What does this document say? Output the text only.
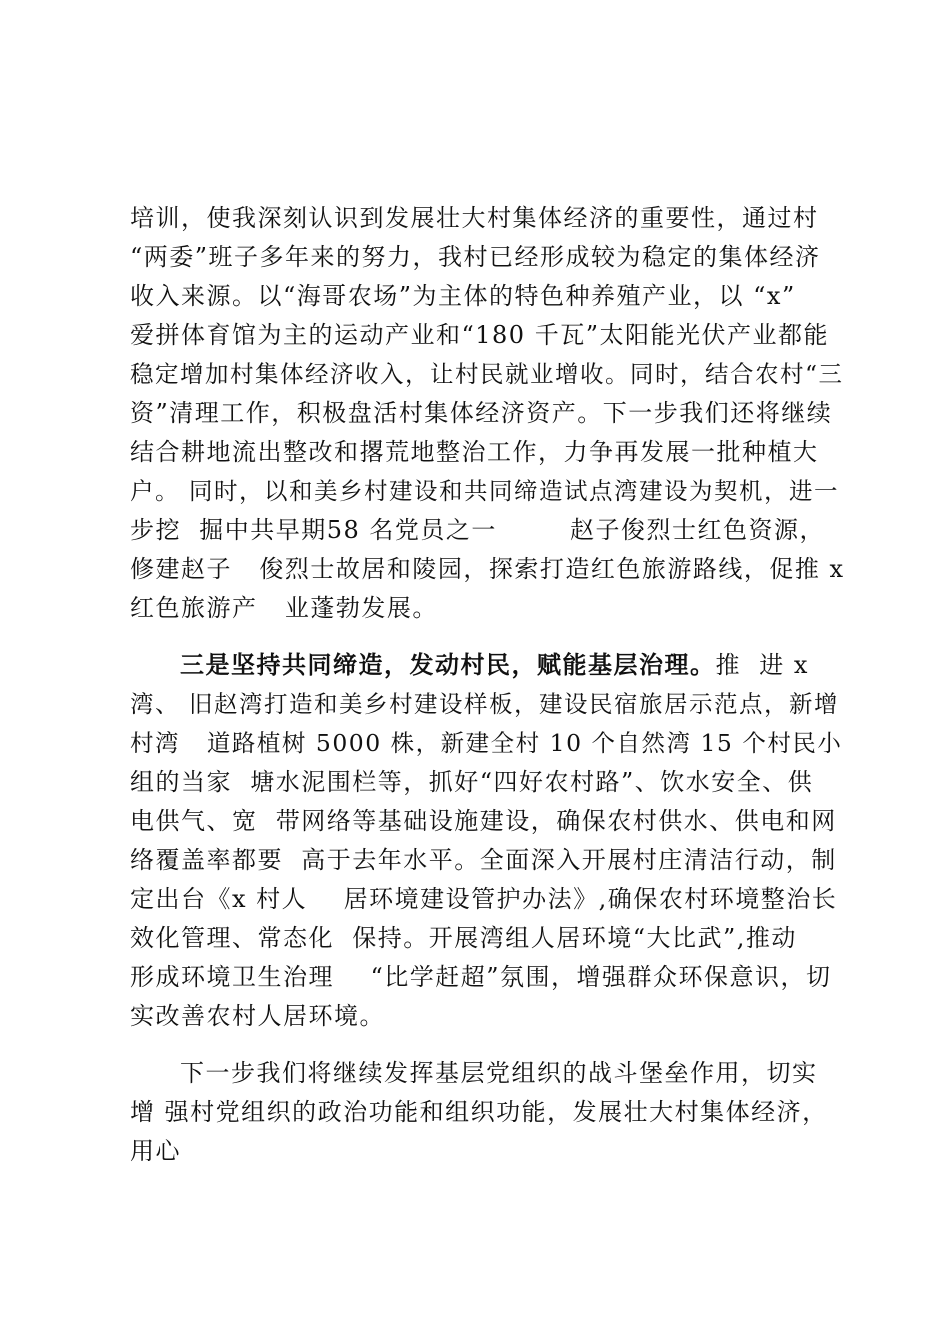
培训，使我深刻认识到发展壮大村集体经济的重要性，通过村
“两委”班子多年来的努力，我村已经形成较为稳定的集体经济
收入来源。以“海哥农场”为主体的特色种养殖产业，以 “x”
爱拼体育馆为主的运动产业和“180 千瓦”太阳能光伏产业都能
稳定增加村集体经济收入，让村民就业增收。同时，结合农村“三
资”清理工作，积极盘活村集体经济资产。下一步我们还将继续
结合耕地流出整改和撂荒地整治工作，力争再发展一批种植大
户。 同时，以和美乡村建设和共同缔造试点湾建设为契机，进一
步挖  掘中共早期58 名党员之一        赵子俊烈士红色资源，
修建赵子   俊烈士故居和陵园，探索打造红色旅游路线，促推 x
红色旅游产   业蓬勃发展。
三是坚持共同缔造，发动村民，赋能基层治理。推  进 x
湾、 旧赵湾打造和美乡村建设样板，建设民宿旅居示范点，新增
村湾   道路植树 5000 株，新建全村 10 个自然湾 15 个村民小
组的当家  塘水泥围栏等，抓好“四好农村路”、饮水安全、供
电供气、宽  带网络等基础设施建设，确保农村供水、供电和网
络覆盖率都要  高于去年水平。全面深入开展村庄清洁行动，制
定出台《x 村人    居环境建设管护办法》,确保农村环境整治长
效化管理、常态化  保持。开展湾组人居环境“大比武”,推动
形成环境卫生治理    “比学赶超”氛围，增强群众环保意识，切
实改善农村人居环境。
下一步我们将继续发挥基层党组织的战斗堡垒作用，切实
增 强村党组织的政治功能和组织功能，发展壮大村集体经济，
用心
